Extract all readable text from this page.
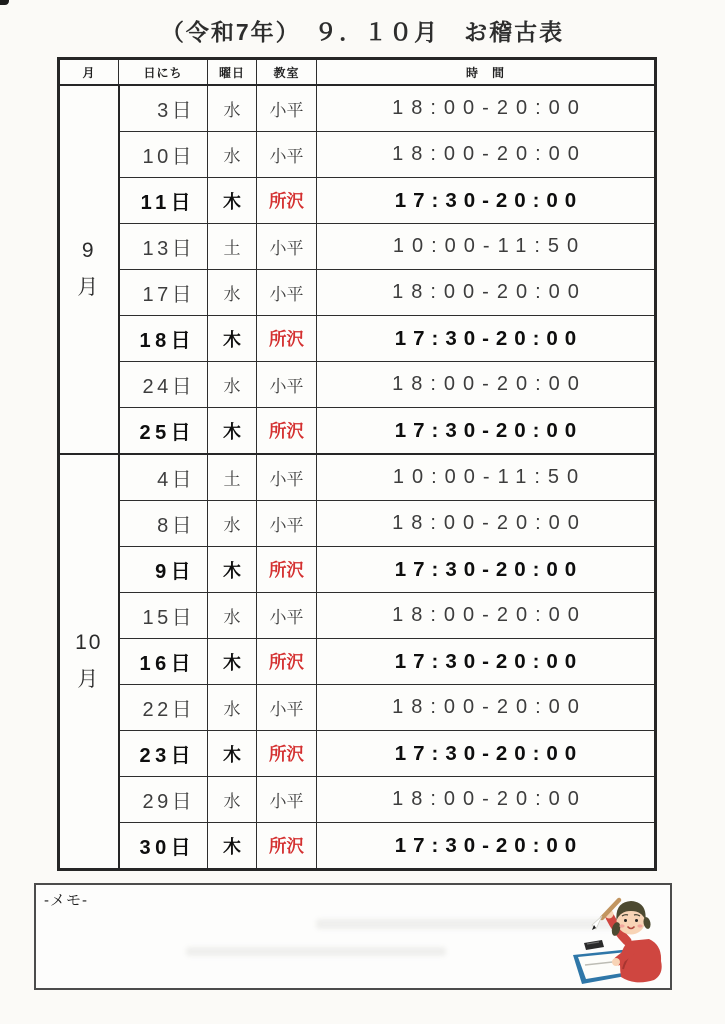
（令和7年）　９．１０月　お稽古表
月	日にち	曜日	教室	時　間

9
月	3日	水	小平	18:00-20:00
	10日	水	小平	18:00-20:00
	11日	木	所沢	17:30-20:00
	13日	土	小平	10:00-11:50
	17日	水	小平	18:00-20:00
	18日	木	所沢	17:30-20:00
	24日	水	小平	18:00-20:00
	25日	木	所沢	17:30-20:00

10
月	4日	土	小平	10:00-11:50
	8日	水	小平	18:00-20:00
	9日	木	所沢	17:30-20:00
	15日	水	小平	18:00-20:00
	16日	木	所沢	17:30-20:00
	22日	水	小平	18:00-20:00
	23日	木	所沢	17:30-20:00
	29日	水	小平	18:00-20:00
	30日	木	所沢	17:30-20:00
-メモ-
